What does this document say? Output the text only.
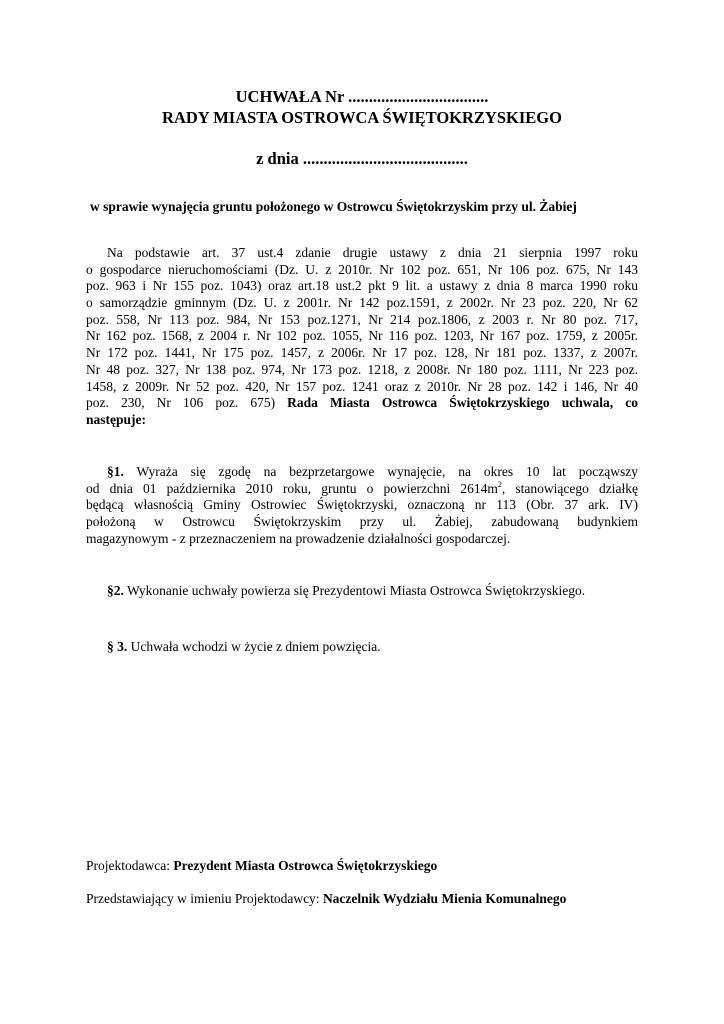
UCHWAŁA Nr ..................................
RADY MIASTA OSTROWCA ŚWIĘTOKRZYSKIEGO
z dnia ........................................
w sprawie wynajęcia gruntu położonego w Ostrowcu Świętokrzyskim przy ul. Żabiej
Na podstawie art. 37 ust.4 zdanie drugie ustawy z dnia 21 sierpnia 1997 roku
o gospodarce nieruchomościami (Dz. U. z 2010r. Nr 102 poz. 651, Nr 106 poz. 675, Nr 143
poz. 963 i Nr 155 poz. 1043) oraz art.18 ust.2 pkt 9 lit. a ustawy z dnia 8 marca 1990 roku
o samorządzie gminnym (Dz. U. z 2001r. Nr 142 poz.1591, z 2002r. Nr 23 poz. 220, Nr 62
poz. 558, Nr 113 poz. 984, Nr 153 poz.1271, Nr 214 poz.1806, z 2003 r. Nr 80 poz. 717,
Nr 162 poz. 1568, z 2004 r. Nr 102 poz. 1055, Nr 116 poz. 1203, Nr 167 poz. 1759, z 2005r.
Nr 172 poz. 1441, Nr 175 poz. 1457, z 2006r. Nr 17 poz. 128, Nr 181 poz. 1337, z 2007r.
Nr 48 poz. 327, Nr 138 poz. 974, Nr 173 poz. 1218, z 2008r. Nr 180 poz. 1111, Nr 223 poz.
1458, z 2009r. Nr 52 poz. 420, Nr 157 poz. 1241 oraz z 2010r. Nr 28 poz. 142 i 146, Nr 40
poz. 230, Nr 106 poz. 675) Rada Miasta Ostrowca Świętokrzyskiego uchwala, co
następuje:
§1. Wyraża się zgodę na bezprzetargowe wynajęcie, na okres 10 lat począwszy
od dnia 01 października 2010 roku, gruntu o powierzchni $2614m^2$, stanowiącego działkę
będącą własnością Gminy Ostrowiec Świętokrzyski, oznaczoną nr 113 (Obr. 37 ark. IV)
położoną w Ostrowcu Świętokrzyskim przy ul. Żabiej, zabudowaną budynkiem
magazynowym - z przeznaczeniem na prowadzenie działalności gospodarczej.
§2. Wykonanie uchwały powierza się Prezydentowi Miasta Ostrowca Świętokrzyskiego.
§ 3. Uchwała wchodzi w życie z dniem powzięcia.
Projektodawca: Prezydent Miasta Ostrowca Świętokrzyskiego
Przedstawiający w imieniu Projektodawcy: Naczelnik Wydziału Mienia Komunalnego
